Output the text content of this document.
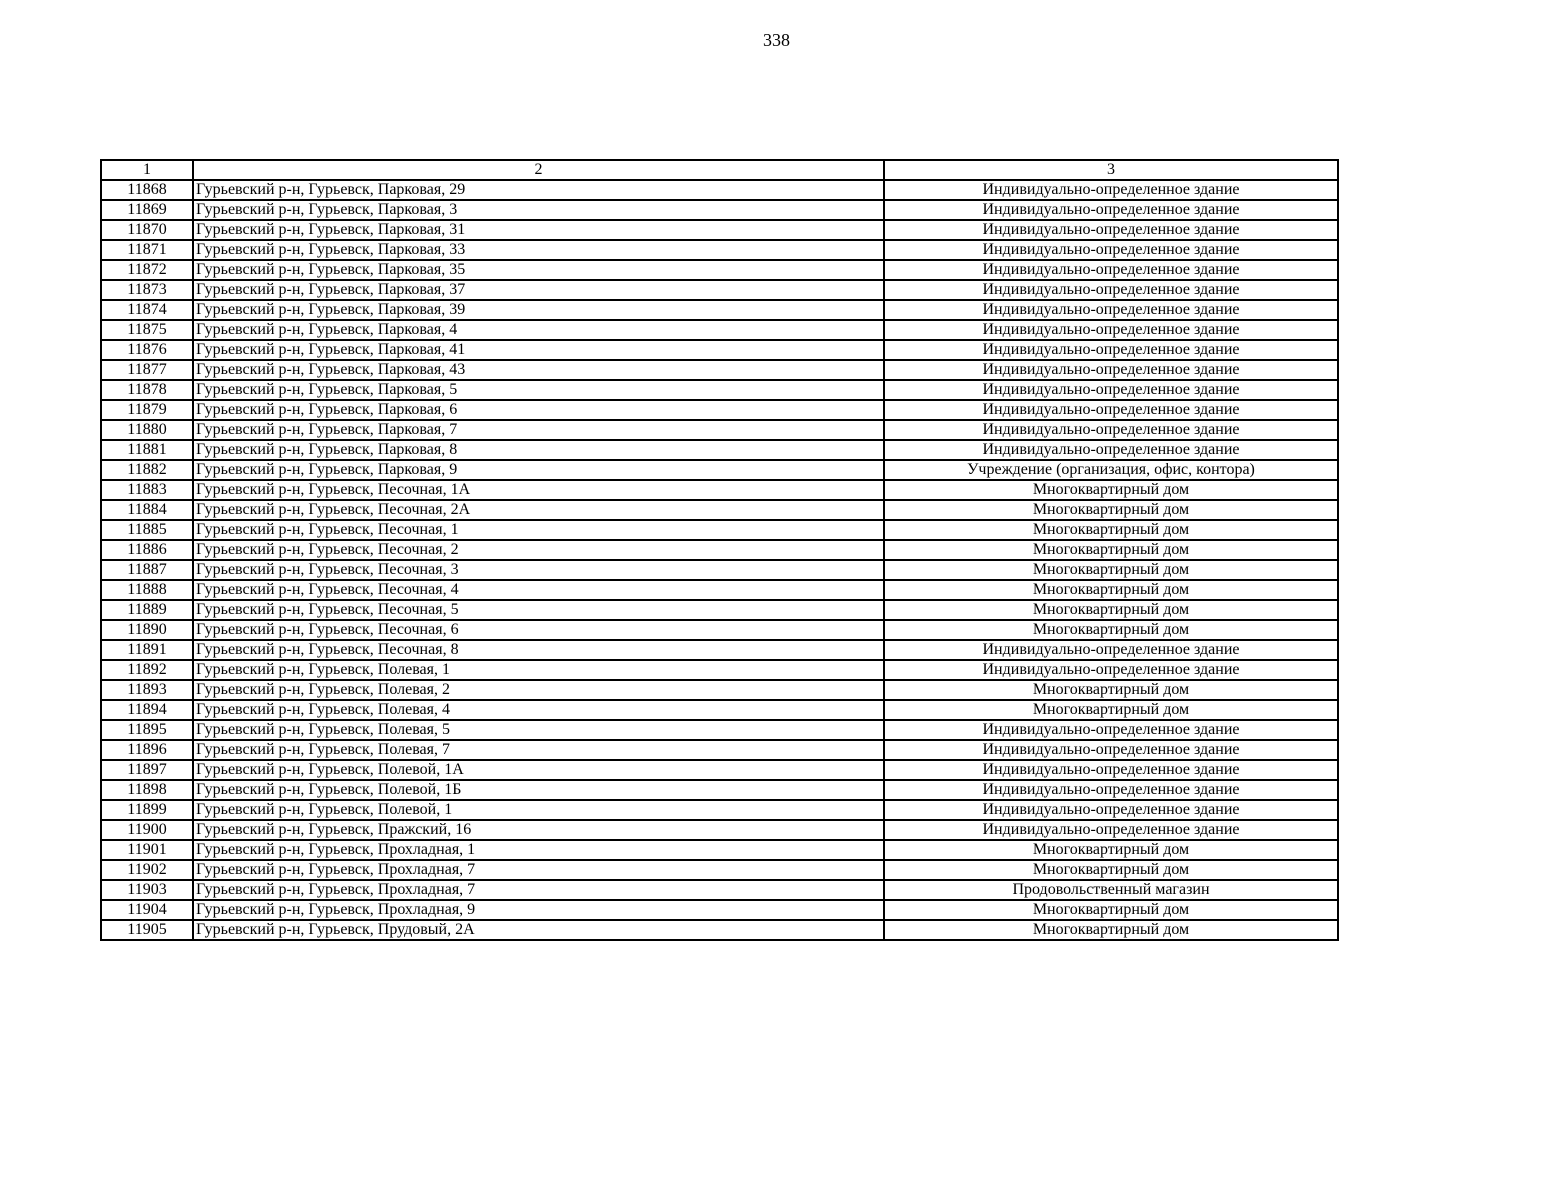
338
1	2	3
11868	Гурьевский р-н, Гурьевск, Парковая, 29	Индивидуально-определенное здание
11869	Гурьевский р-н, Гурьевск, Парковая, 3	Индивидуально-определенное здание
11870	Гурьевский р-н, Гурьевск, Парковая, 31	Индивидуально-определенное здание
11871	Гурьевский р-н, Гурьевск, Парковая, 33	Индивидуально-определенное здание
11872	Гурьевский р-н, Гурьевск, Парковая, 35	Индивидуально-определенное здание
11873	Гурьевский р-н, Гурьевск, Парковая, 37	Индивидуально-определенное здание
11874	Гурьевский р-н, Гурьевск, Парковая, 39	Индивидуально-определенное здание
11875	Гурьевский р-н, Гурьевск, Парковая, 4	Индивидуально-определенное здание
11876	Гурьевский р-н, Гурьевск, Парковая, 41	Индивидуально-определенное здание
11877	Гурьевский р-н, Гурьевск, Парковая, 43	Индивидуально-определенное здание
11878	Гурьевский р-н, Гурьевск, Парковая, 5	Индивидуально-определенное здание
11879	Гурьевский р-н, Гурьевск, Парковая, 6	Индивидуально-определенное здание
11880	Гурьевский р-н, Гурьевск, Парковая, 7	Индивидуально-определенное здание
11881	Гурьевский р-н, Гурьевск, Парковая, 8	Индивидуально-определенное здание
11882	Гурьевский р-н, Гурьевск, Парковая, 9	Учреждение (организация, офис, контора)
11883	Гурьевский р-н, Гурьевск, Песочная, 1А	Многоквартирный дом
11884	Гурьевский р-н, Гурьевск, Песочная, 2А	Многоквартирный дом
11885	Гурьевский р-н, Гурьевск, Песочная, 1	Многоквартирный дом
11886	Гурьевский р-н, Гурьевск, Песочная, 2	Многоквартирный дом
11887	Гурьевский р-н, Гурьевск, Песочная, 3	Многоквартирный дом
11888	Гурьевский р-н, Гурьевск, Песочная, 4	Многоквартирный дом
11889	Гурьевский р-н, Гурьевск, Песочная, 5	Многоквартирный дом
11890	Гурьевский р-н, Гурьевск, Песочная, 6	Многоквартирный дом
11891	Гурьевский р-н, Гурьевск, Песочная, 8	Индивидуально-определенное здание
11892	Гурьевский р-н, Гурьевск, Полевая, 1	Индивидуально-определенное здание
11893	Гурьевский р-н, Гурьевск, Полевая, 2	Многоквартирный дом
11894	Гурьевский р-н, Гурьевск, Полевая, 4	Многоквартирный дом
11895	Гурьевский р-н, Гурьевск, Полевая, 5	Индивидуально-определенное здание
11896	Гурьевский р-н, Гурьевск, Полевая, 7	Индивидуально-определенное здание
11897	Гурьевский р-н, Гурьевск, Полевой, 1А	Индивидуально-определенное здание
11898	Гурьевский р-н, Гурьевск, Полевой, 1Б	Индивидуально-определенное здание
11899	Гурьевский р-н, Гурьевск, Полевой, 1	Индивидуально-определенное здание
11900	Гурьевский р-н, Гурьевск, Пражский, 16	Индивидуально-определенное здание
11901	Гурьевский р-н, Гурьевск, Прохладная, 1	Многоквартирный дом
11902	Гурьевский р-н, Гурьевск, Прохладная, 7	Многоквартирный дом
11903	Гурьевский р-н, Гурьевск, Прохладная, 7	Продовольственный магазин
11904	Гурьевский р-н, Гурьевск, Прохладная, 9	Многоквартирный дом
11905	Гурьевский р-н, Гурьевск, Прудовый, 2А	Многоквартирный дом
